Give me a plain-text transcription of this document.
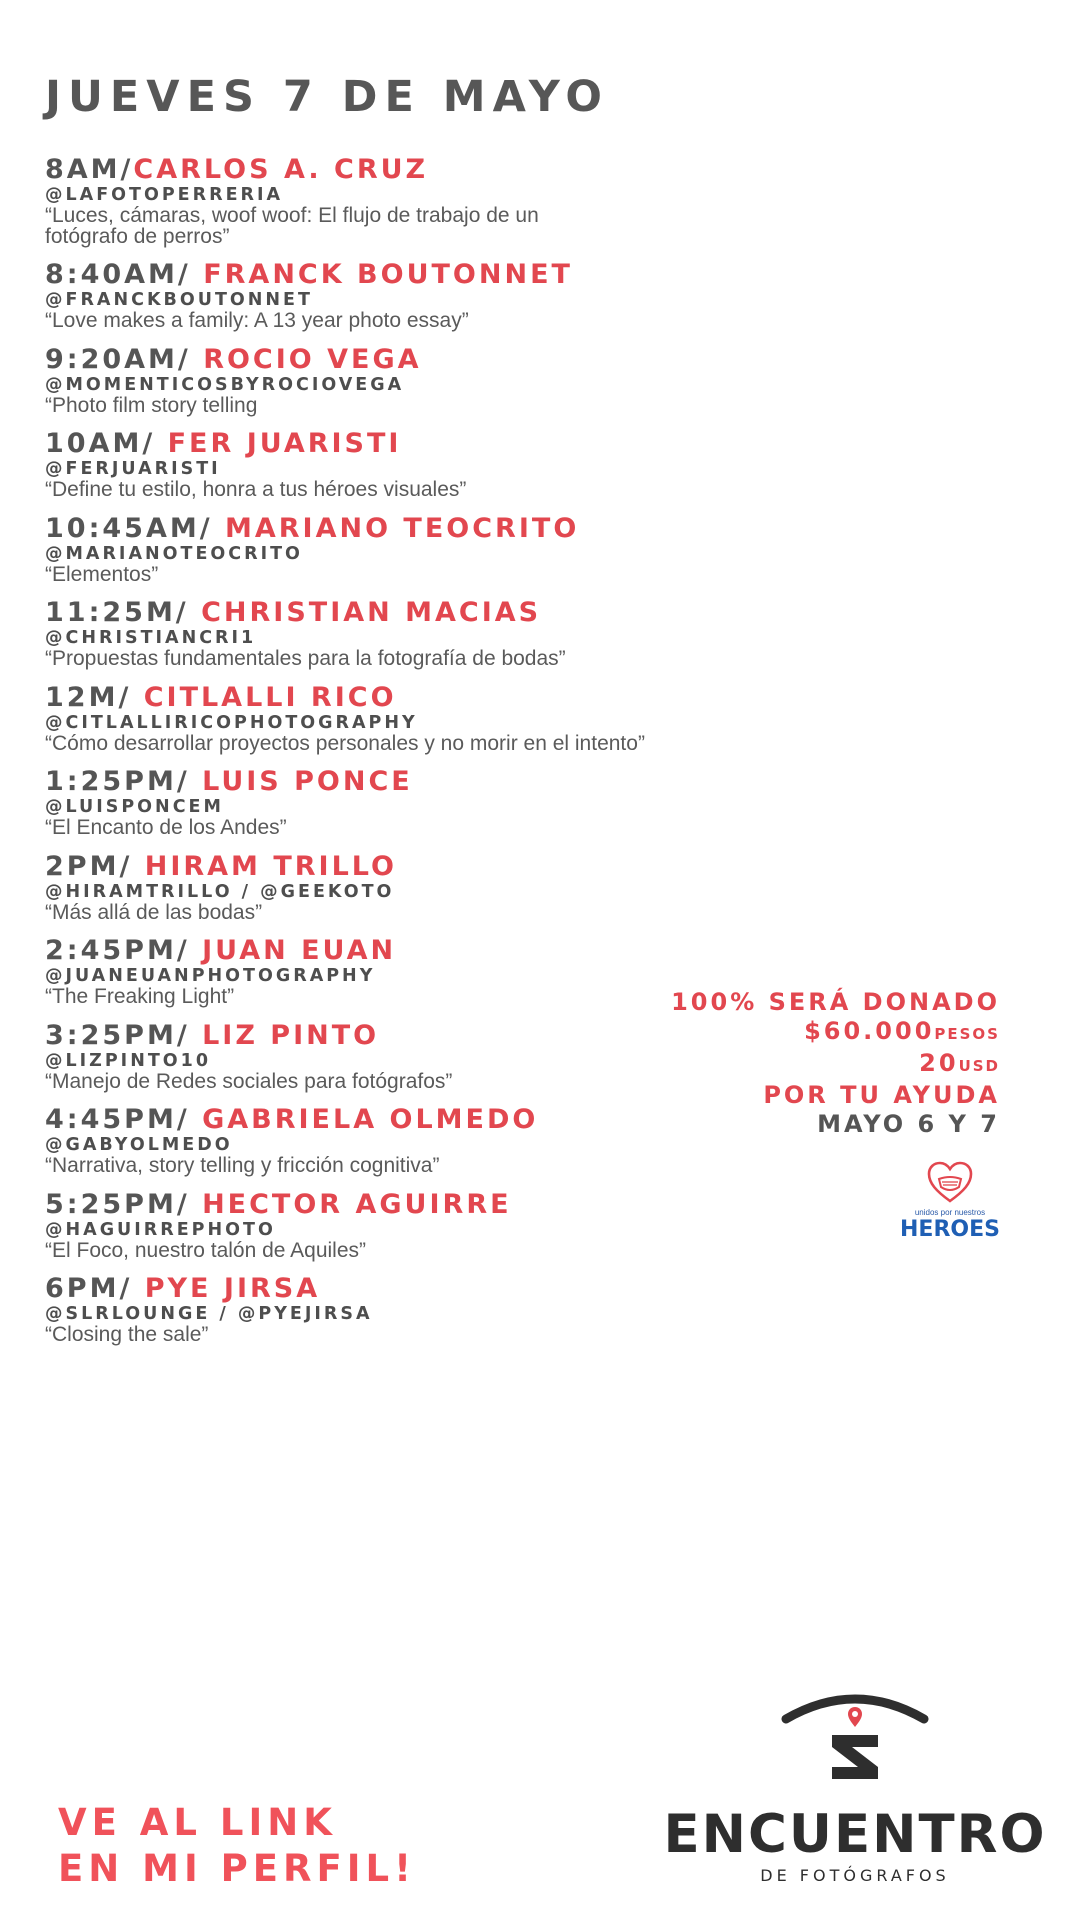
JUEVES 7 DE MAYO
8AM/CARLOS A. CRUZ
@LAFOTOPERRERIA
“Luces, cámaras, woof woof: El flujo de trabajo de un fotógrafo de perros”
8:40AM/ FRANCK BOUTONNET
@FRANCKBOUTONNET
“Love makes a family: A 13 year photo essay”
9:20AM/ ROCIO VEGA
@MOMENTICOSBYROCIOVEGA
“Photo film story telling
10AM/ FER JUARISTI
@FERJUARISTI
“Define tu estilo, honra a tus héroes visuales”
10:45AM/ MARIANO TEOCRITO
@MARIANOTEOCRITO
“Elementos”
11:25M/ CHRISTIAN MACIAS
@CHRISTIANCRI1
“Propuestas fundamentales para la fotografía de bodas”
12M/ CITLALLI RICO
@CITLALLIRICOPHOTOGRAPHY
“Cómo desarrollar proyectos personales y no morir en el intento”
1:25PM/ LUIS PONCE
@LUISPONCEM
“El Encanto de los Andes”
2PM/ HIRAM TRILLO
@HIRAMTRILLO / @GEEKOTO
“Más allá de las bodas”
2:45PM/ JUAN EUAN
@JUANEUANPHOTOGRAPHY
“The Freaking Light”
3:25PM/ LIZ PINTO
@LIZPINTO10
“Manejo de Redes sociales para fotógrafos”
4:45PM/ GABRIELA OLMEDO
@GABYOLMEDO
“Narrativa, story telling y fricción cognitiva”
5:25PM/ HECTOR AGUIRRE
@HAGUIRREPHOTO
“El Foco, nuestro talón de Aquiles”
6PM/ PYE JIRSA
@SLRLOUNGE / @PYEJIRSA
“Closing the sale”
100% SERÁ DONADO
$60.000PESOS
20USD
POR TU AYUDA
MAYO 6 Y 7
unidos por nuestros
HEROES
VE AL LINK
EN MI PERFIL!
ENCUENTRO
DE FOTÓGRAFOS
